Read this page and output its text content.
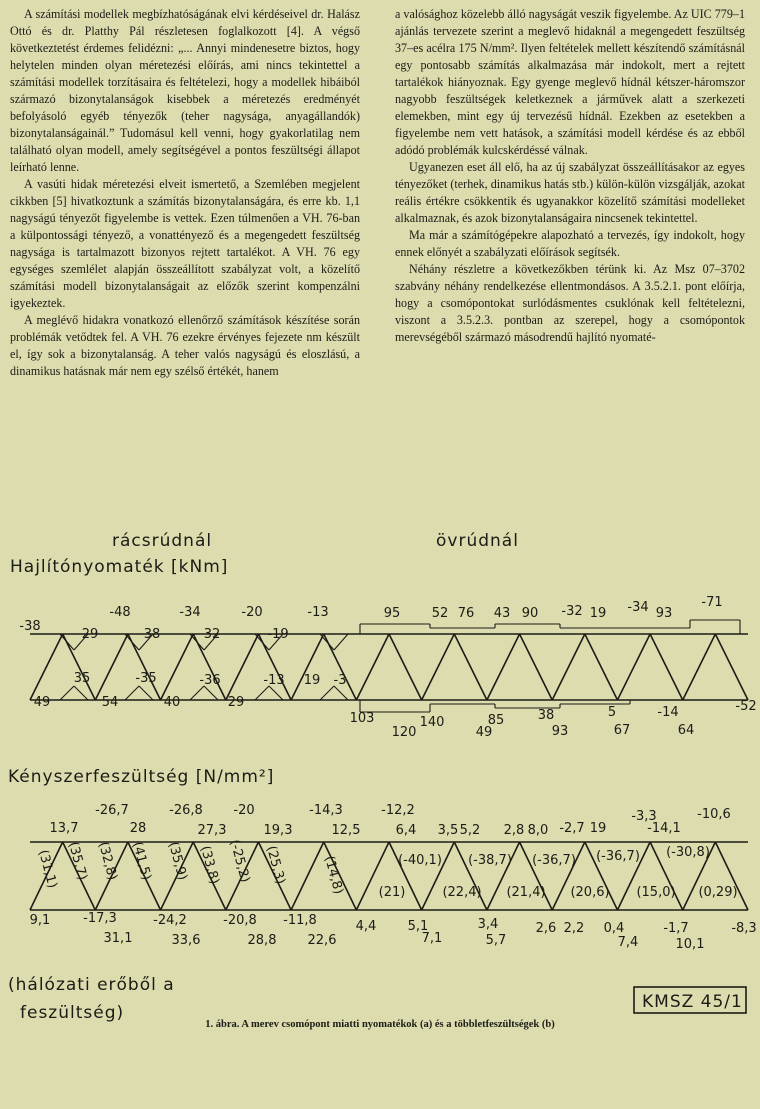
A számítási modellek megbízhatóságának elvi kérdéseivel dr. Halász Ottó és dr. Platthy Pál részletesen foglalkozott [4]. A végső következtetést érdemes felidézni: „... Annyi mindenesetre biztos, hogy helytelen minden olyan méretezési előírás, ami nincs tekintettel a számítási modellek torzításaira és feltételezi, hogy a modellek hibáiból származó bizonytalanságok kisebbek a méretezés eredményét befolyásoló egyéb tényezők (teher nagysága, anyagállandók) bizonytalanságainál.” Tudomásul kell venni, hogy gyakorlatilag nem található olyan modell, amely segítségével a pontos feszültségi állapot leírható lenne.

A vasúti hidak méretezési elveit ismertető, a Szemlében megjelent cikkben [5] hivatkoztunk a számítás bizonytalanságára, és erre kb. 1,1 nagyságú tényezőt figyelembe is vettek. Ezen túlmenően a VH. 76-ban a külpontossági tényező, a vonattényező és a megengedett feszültség nagysága is tartalmazott bizonyos rejtett tartalékot. A VH. 76 egy egységes szemlélet alapján összeállított szabályzat volt, a közelítő számítási modell bizonytalanságait az előzők szerint kompenzálni igyekeztek.

A meglévő hidakra vonatkozó ellenőrző számítások készítése során problémák vetődtek fel. A VH. 76 ezekre érvényes fejezete nm készült el, így sok a bizonytalanság. A teher valós nagyságú és eloszlású, a dinamikus hatásnak már nem egy szélső értékét, hanem

a valósághoz közelebb álló nagyságát veszik figyelembe. Az UIC 779–1 ajánlás tervezete szerint a meglevő hidaknál a megengedett feszültség 37–es acélra 175 N/mm². Ilyen feltételek mellett készítendő számításnál egy pontosabb számítás alkalmazása már indokolt, mert a rejtett tartalékok hiányoznak. Egy gyenge meglevő hídnál kétszer-háromszor nagyobb feszültségek keletkeznek a járművek alatt a szerkezeti elemekben, mint egy új tervezésű hídnál. Ezekben az esetekben a figyelembe nem vett hatások, a számítási modell kérdése és az ebből adódó problémák kulcskérdéssé válnak.

Ugyanezen eset áll elő, ha az új szabályzat összeállításakor az egyes tényezőket (terhek, dinamikus hatás stb.) külön-külön vizsgálják, azokat reális értékre csökkentik és ugyanakkor közelítő számítási modelleket alkalmaznak, és azok bizonytalanságaira nincsenek tekintettel.

Ma már a számítógépekre alapozható a tervezés, így indokolt, hogy ennek előnyét a szabályzati előírások segítsék.

Néhány részletre a következőkben térünk ki. Az Msz 07–3702 szabvány néhány rendelkezése ellentmondásos. A 3.5.2.1. pont előírja, hogy a csomópontokat surlódásmentes csuklónak kell feltételezni, viszont a 3.5.2.3. pontban az szerepel, hogy a csomópontok merevségéből származó másodrendű hajlító nyomaté-

rácsrúdnál	övrúdnál
Hajlítónyomaték [kNm]
Kényszerfeszültség [N/mm²]
(hálózati erőből a
feszültség)
KMSZ 45/1
-38
29
-48
38
-34
32
-20
-19
-13	95 52 76 43 90 -32 19 -34 93
-71
35	-35	-36	-13 19 -3
49	54	40	29
103	140	85	38	5	-14	-52
120	49	93	67	64
13,7
-26,7
28
-26,8
27,3
-20
19,3
-14,3
12,5
-12,2
6,4 3,5 5,2 2,8 8,0 -2,7 19
-3,3
-14,1
-10,6
(-40,1) (-38,7) (-36,7) (-36,7) (-30,8)
(21)	(22,4) (21,4) (20,6) (15,0) (0,29)
9,1	-17,3	-24,2	-20,8 -11,8	4,4 5,1	3,4	2,6 2,2 0,4	-1,7	-8,3
31,1	33,6	28,8 22,6	7,1	5,7	7,4	10,1
(31,1) (35,7) (32,8) (41,5) (35,9) (33,8) (-25,2) (25,3)	(14,8)
1. ábra. A merev csomópont miatti nyomatékok (a) és a többletfeszültségek (b)
